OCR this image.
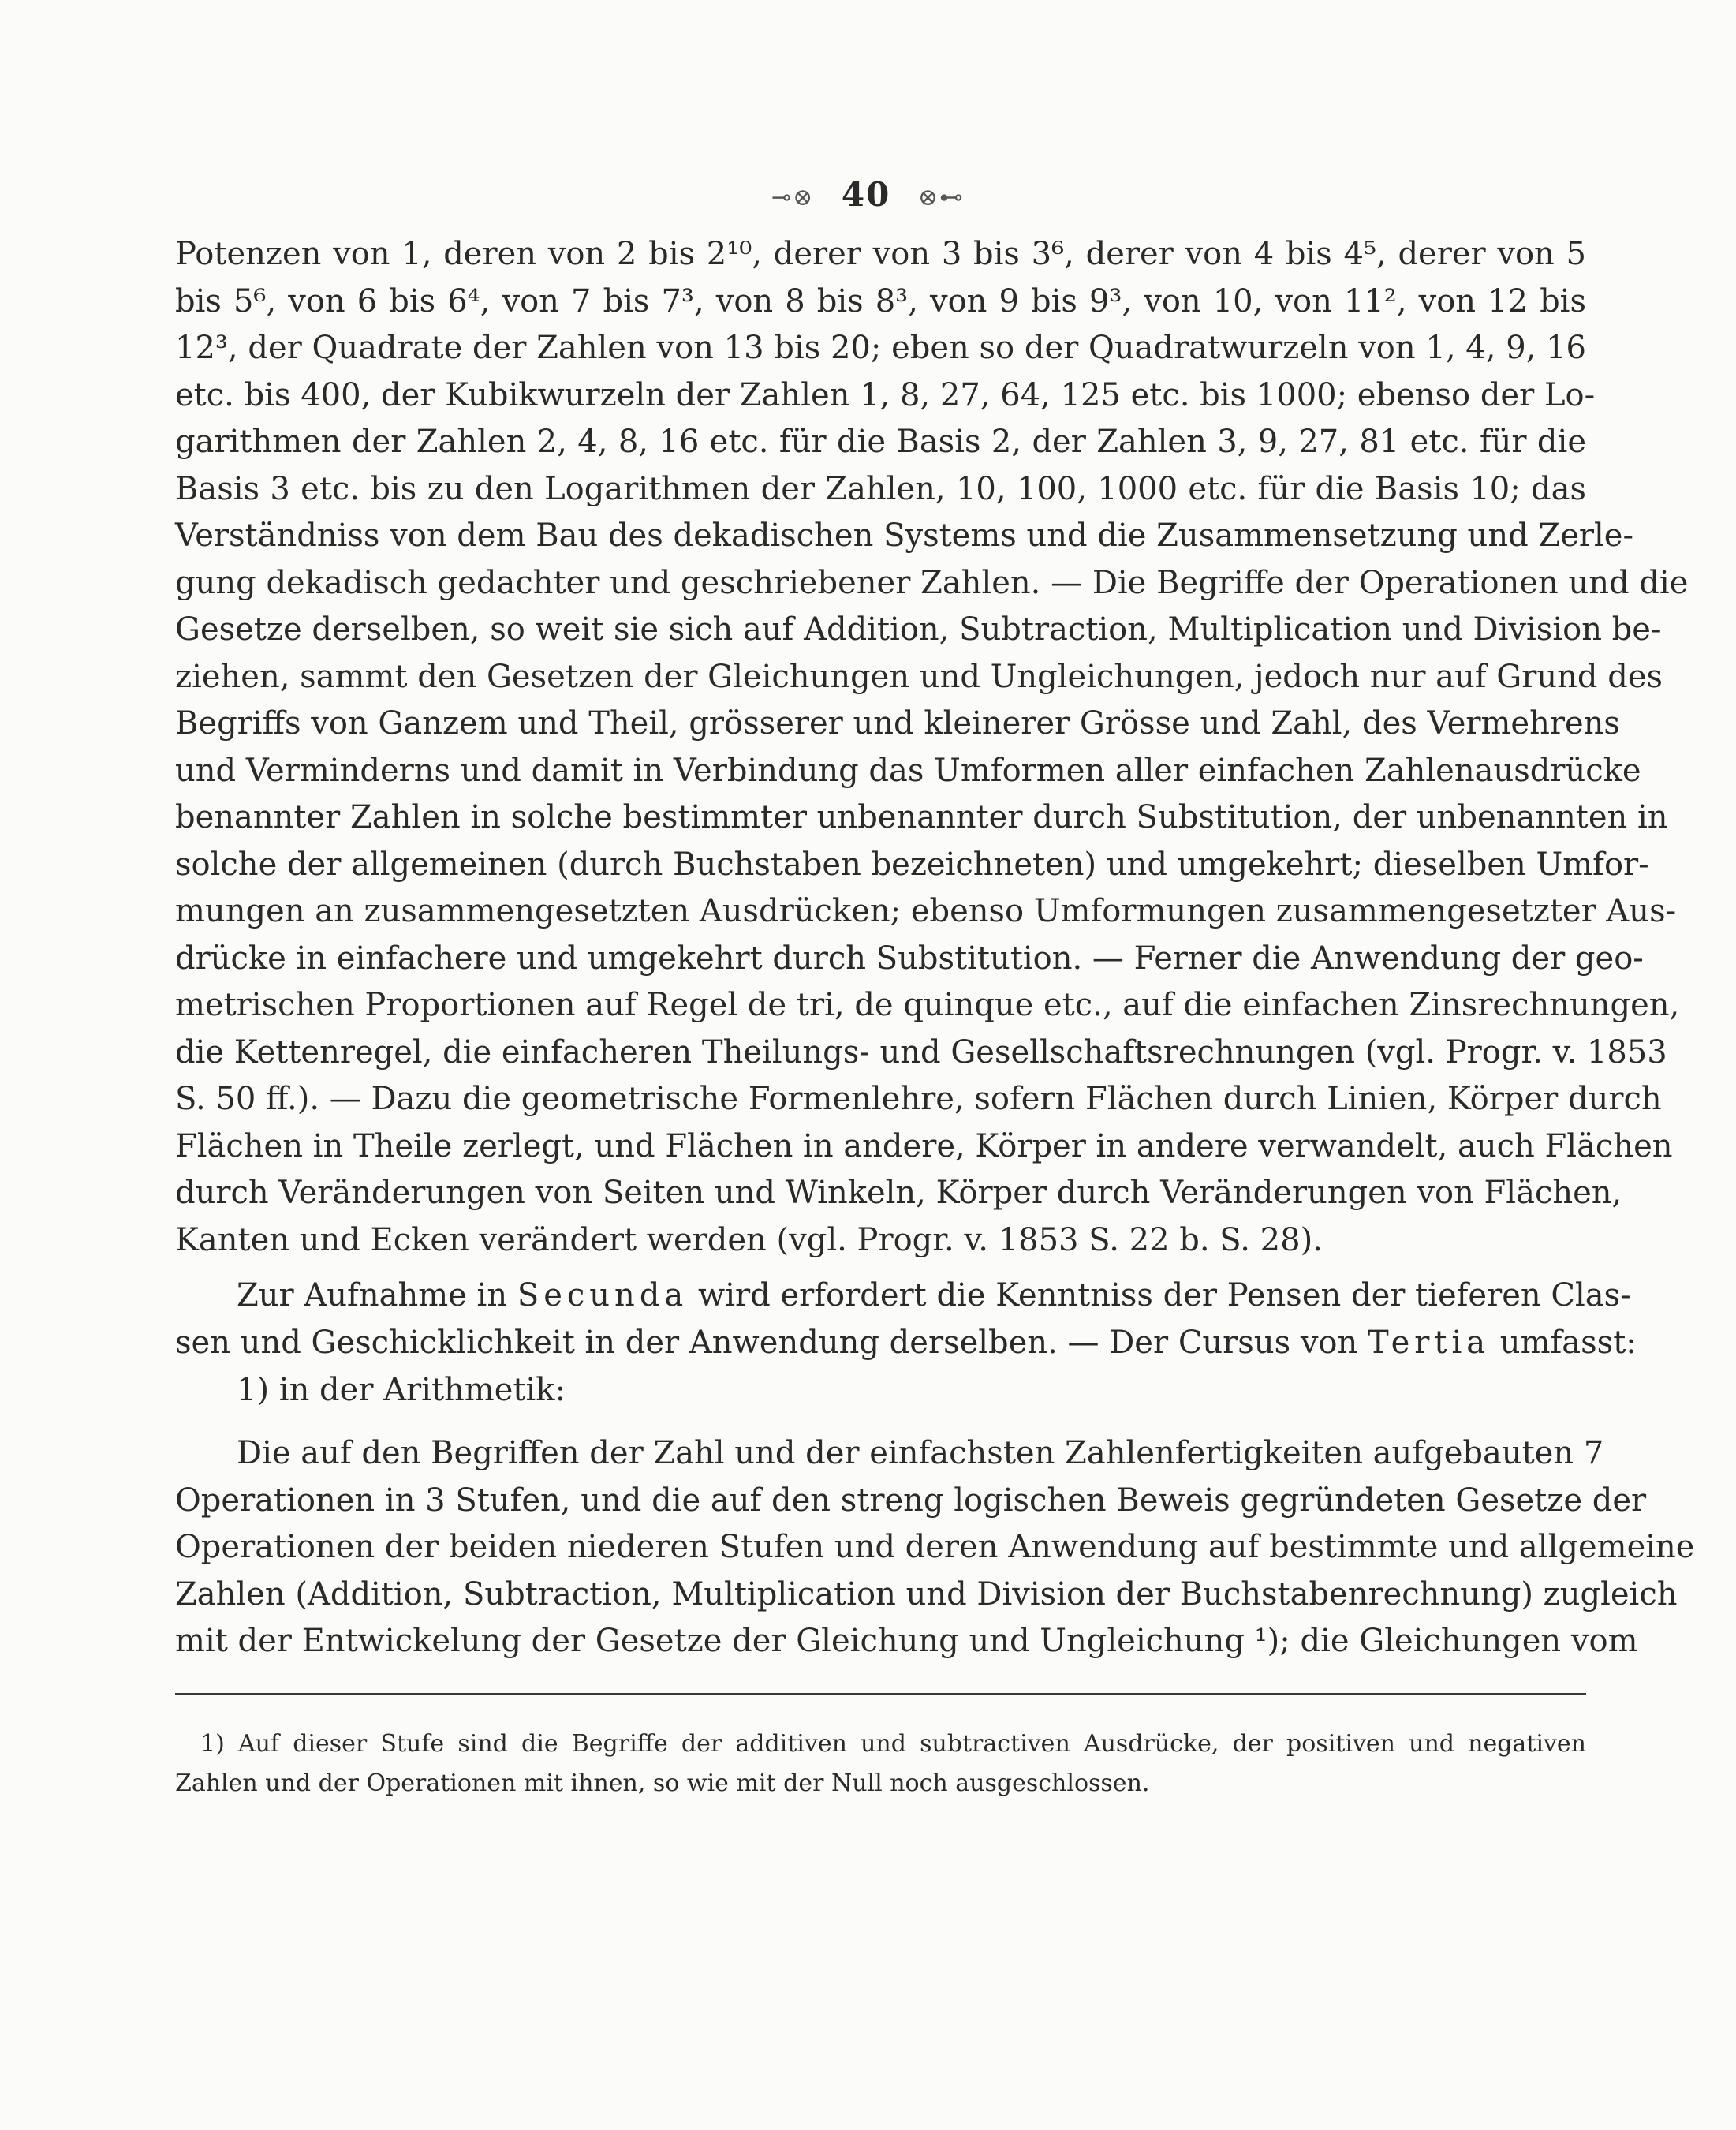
⊸⊗ 40 ⊗⊷
Potenzen von 1, deren von 2 bis 2¹⁰, derer von 3 bis 3⁶, derer von 4 bis 4⁵, derer von 5
bis 5⁶, von 6 bis 6⁴, von 7 bis 7³, von 8 bis 8³, von 9 bis 9³, von 10, von 11², von 12 bis
12³, der Quadrate der Zahlen von 13 bis 20; eben so der Quadratwurzeln von 1, 4, 9, 16
etc. bis 400, der Kubikwurzeln der Zahlen 1, 8, 27, 64, 125 etc. bis 1000; ebenso der Lo-
garithmen der Zahlen 2, 4, 8, 16 etc. für die Basis 2, der Zahlen 3, 9, 27, 81 etc. für die
Basis 3 etc. bis zu den Logarithmen der Zahlen, 10, 100, 1000 etc. für die Basis 10; das
Verständniss von dem Bau des dekadischen Systems und die Zusammensetzung und Zerle-
gung dekadisch gedachter und geschriebener Zahlen. — Die Begriffe der Operationen und die
Gesetze derselben, so weit sie sich auf Addition, Subtraction, Multiplication und Division be-
ziehen, sammt den Gesetzen der Gleichungen und Ungleichungen, jedoch nur auf Grund des
Begriffs von Ganzem und Theil, grösserer und kleinerer Grösse und Zahl, des Vermehrens
und Verminderns und damit in Verbindung das Umformen aller einfachen Zahlenausdrücke
benannter Zahlen in solche bestimmter unbenannter durch Substitution, der unbenannten in
solche der allgemeinen (durch Buchstaben bezeichneten) und umgekehrt; dieselben Umfor-
mungen an zusammengesetzten Ausdrücken; ebenso Umformungen zusammengesetzter Aus-
drücke in einfachere und umgekehrt durch Substitution. — Ferner die Anwendung der geo-
metrischen Proportionen auf Regel de tri, de quinque etc., auf die einfachen Zinsrechnungen,
die Kettenregel, die einfacheren Theilungs- und Gesellschaftsrechnungen (vgl. Progr. v. 1853
S. 50 ff.). — Dazu die geometrische Formenlehre, sofern Flächen durch Linien, Körper durch
Flächen in Theile zerlegt, und Flächen in andere, Körper in andere verwandelt, auch Flächen
durch Veränderungen von Seiten und Winkeln, Körper durch Veränderungen von Flächen,
Kanten und Ecken verändert werden (vgl. Progr. v. 1853 S. 22 b. S. 28).
Zur Aufnahme in Secunda wird erfordert die Kenntniss der Pensen der tieferen Clas-
sen und Geschicklichkeit in der Anwendung derselben. — Der Cursus von Tertia umfasst:
1) in der Arithmetik:
Die auf den Begriffen der Zahl und der einfachsten Zahlenfertigkeiten aufgebauten 7
Operationen in 3 Stufen, und die auf den streng logischen Beweis gegründeten Gesetze der
Operationen der beiden niederen Stufen und deren Anwendung auf bestimmte und allgemeine
Zahlen (Addition, Subtraction, Multiplication und Division der Buchstabenrechnung) zugleich
mit der Entwickelung der Gesetze der Gleichung und Ungleichung ¹); die Gleichungen vom
1) Auf dieser Stufe sind die Begriffe der additiven und subtractiven Ausdrücke, der positiven und negativen
Zahlen und der Operationen mit ihnen, so wie mit der Null noch ausgeschlossen.
